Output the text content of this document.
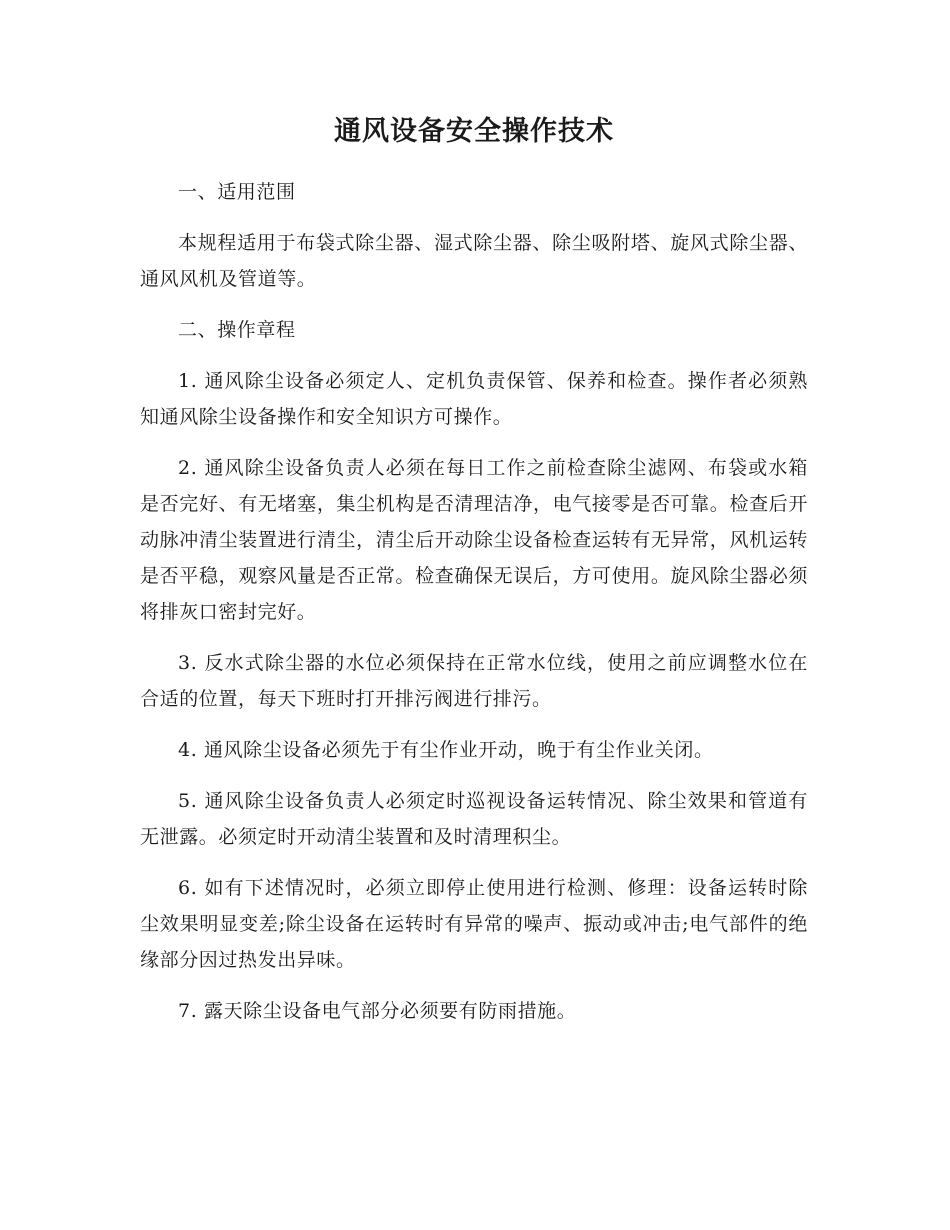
通风设备安全操作技术

一、适用范围

本规程适用于布袋式除尘器、湿式除尘器、除尘吸附塔、旋风式除尘器、通风风机及管道等。

二、操作章程

1. 通风除尘设备必须定人、定机负责保管、保养和检查。操作者必须熟知通风除尘设备操作和安全知识方可操作。

2. 通风除尘设备负责人必须在每日工作之前检查除尘滤网、布袋或水箱是否完好、有无堵塞，集尘机构是否清理洁净，电气接零是否可靠。检查后开动脉冲清尘装置进行清尘，清尘后开动除尘设备检查运转有无异常，风机运转是否平稳，观察风量是否正常。检查确保无误后，方可使用。旋风除尘器必须将排灰口密封完好。

3. 反水式除尘器的水位必须保持在正常水位线，使用之前应调整水位在合适的位置，每天下班时打开排污阀进行排污。

4. 通风除尘设备必须先于有尘作业开动，晚于有尘作业关闭。

5. 通风除尘设备负责人必须定时巡视设备运转情况、除尘效果和管道有无泄露。必须定时开动清尘装置和及时清理积尘。

6. 如有下述情况时，必须立即停止使用进行检测、修理：设备运转时除尘效果明显变差;除尘设备在运转时有异常的噪声、振动或冲击;电气部件的绝缘部分因过热发出异味。

7. 露天除尘设备电气部分必须要有防雨措施。
